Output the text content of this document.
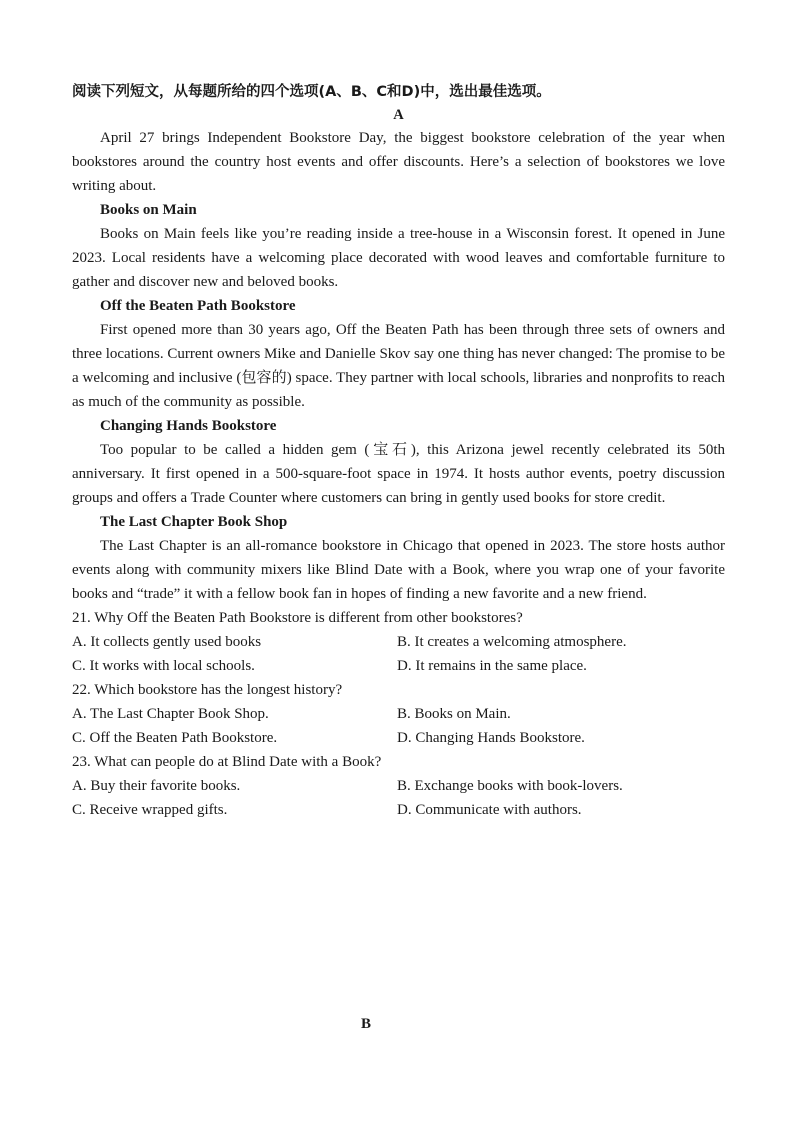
阅读下列短文，从每题所给的四个选项(A、B、C和D)中，选出最佳选项。

A

April 27 brings Independent Bookstore Day, the biggest bookstore celebration of the year when bookstores around the country host events and offer discounts. Here’s a selection of bookstores we love writing about.

Books on Main

Books on Main feels like you’re reading inside a tree-house in a Wisconsin forest. It opened in June 2023. Local residents have a welcoming place decorated with wood leaves and comfortable furniture to gather and discover new and beloved books.

Off the Beaten Path Bookstore

First opened more than 30 years ago, Off the Beaten Path has been through three sets of owners and three locations. Current owners Mike and Danielle Skov say one thing has never changed: The promise to be a welcoming and inclusive (包容的) space. They partner with local schools, libraries and nonprofits to reach as much of the community as possible.

Changing Hands Bookstore

Too popular to be called a hidden gem (宝石), this Arizona jewel recently celebrated its 50th anniversary. It first opened in a 500-square-foot space in 1974. It hosts author events, poetry discussion groups and offers a Trade Counter where customers can bring in gently used books for store credit.

The Last Chapter Book Shop

The Last Chapter is an all-romance bookstore in Chicago that opened in 2023. The store hosts author events along with community mixers like Blind Date with a Book, where you wrap one of your favorite books and “trade” it with a fellow book fan in hopes of finding a new favorite and a new friend.

21. Why Off the Beaten Path Bookstore is different from other bookstores?

A. It collects gently used books	B. It creates a welcoming atmosphere.

C. It works with local schools.	D. It remains in the same place.

22. Which bookstore has the longest history?

A. The Last Chapter Book Shop.	B. Books on Main.

C. Off the Beaten Path Bookstore.	D. Changing Hands Bookstore.

23. What can people do at Blind Date with a Book?

A. Buy their favorite books.	B. Exchange books with book-lovers.

C. Receive wrapped gifts.	D. Communicate with authors.

B
